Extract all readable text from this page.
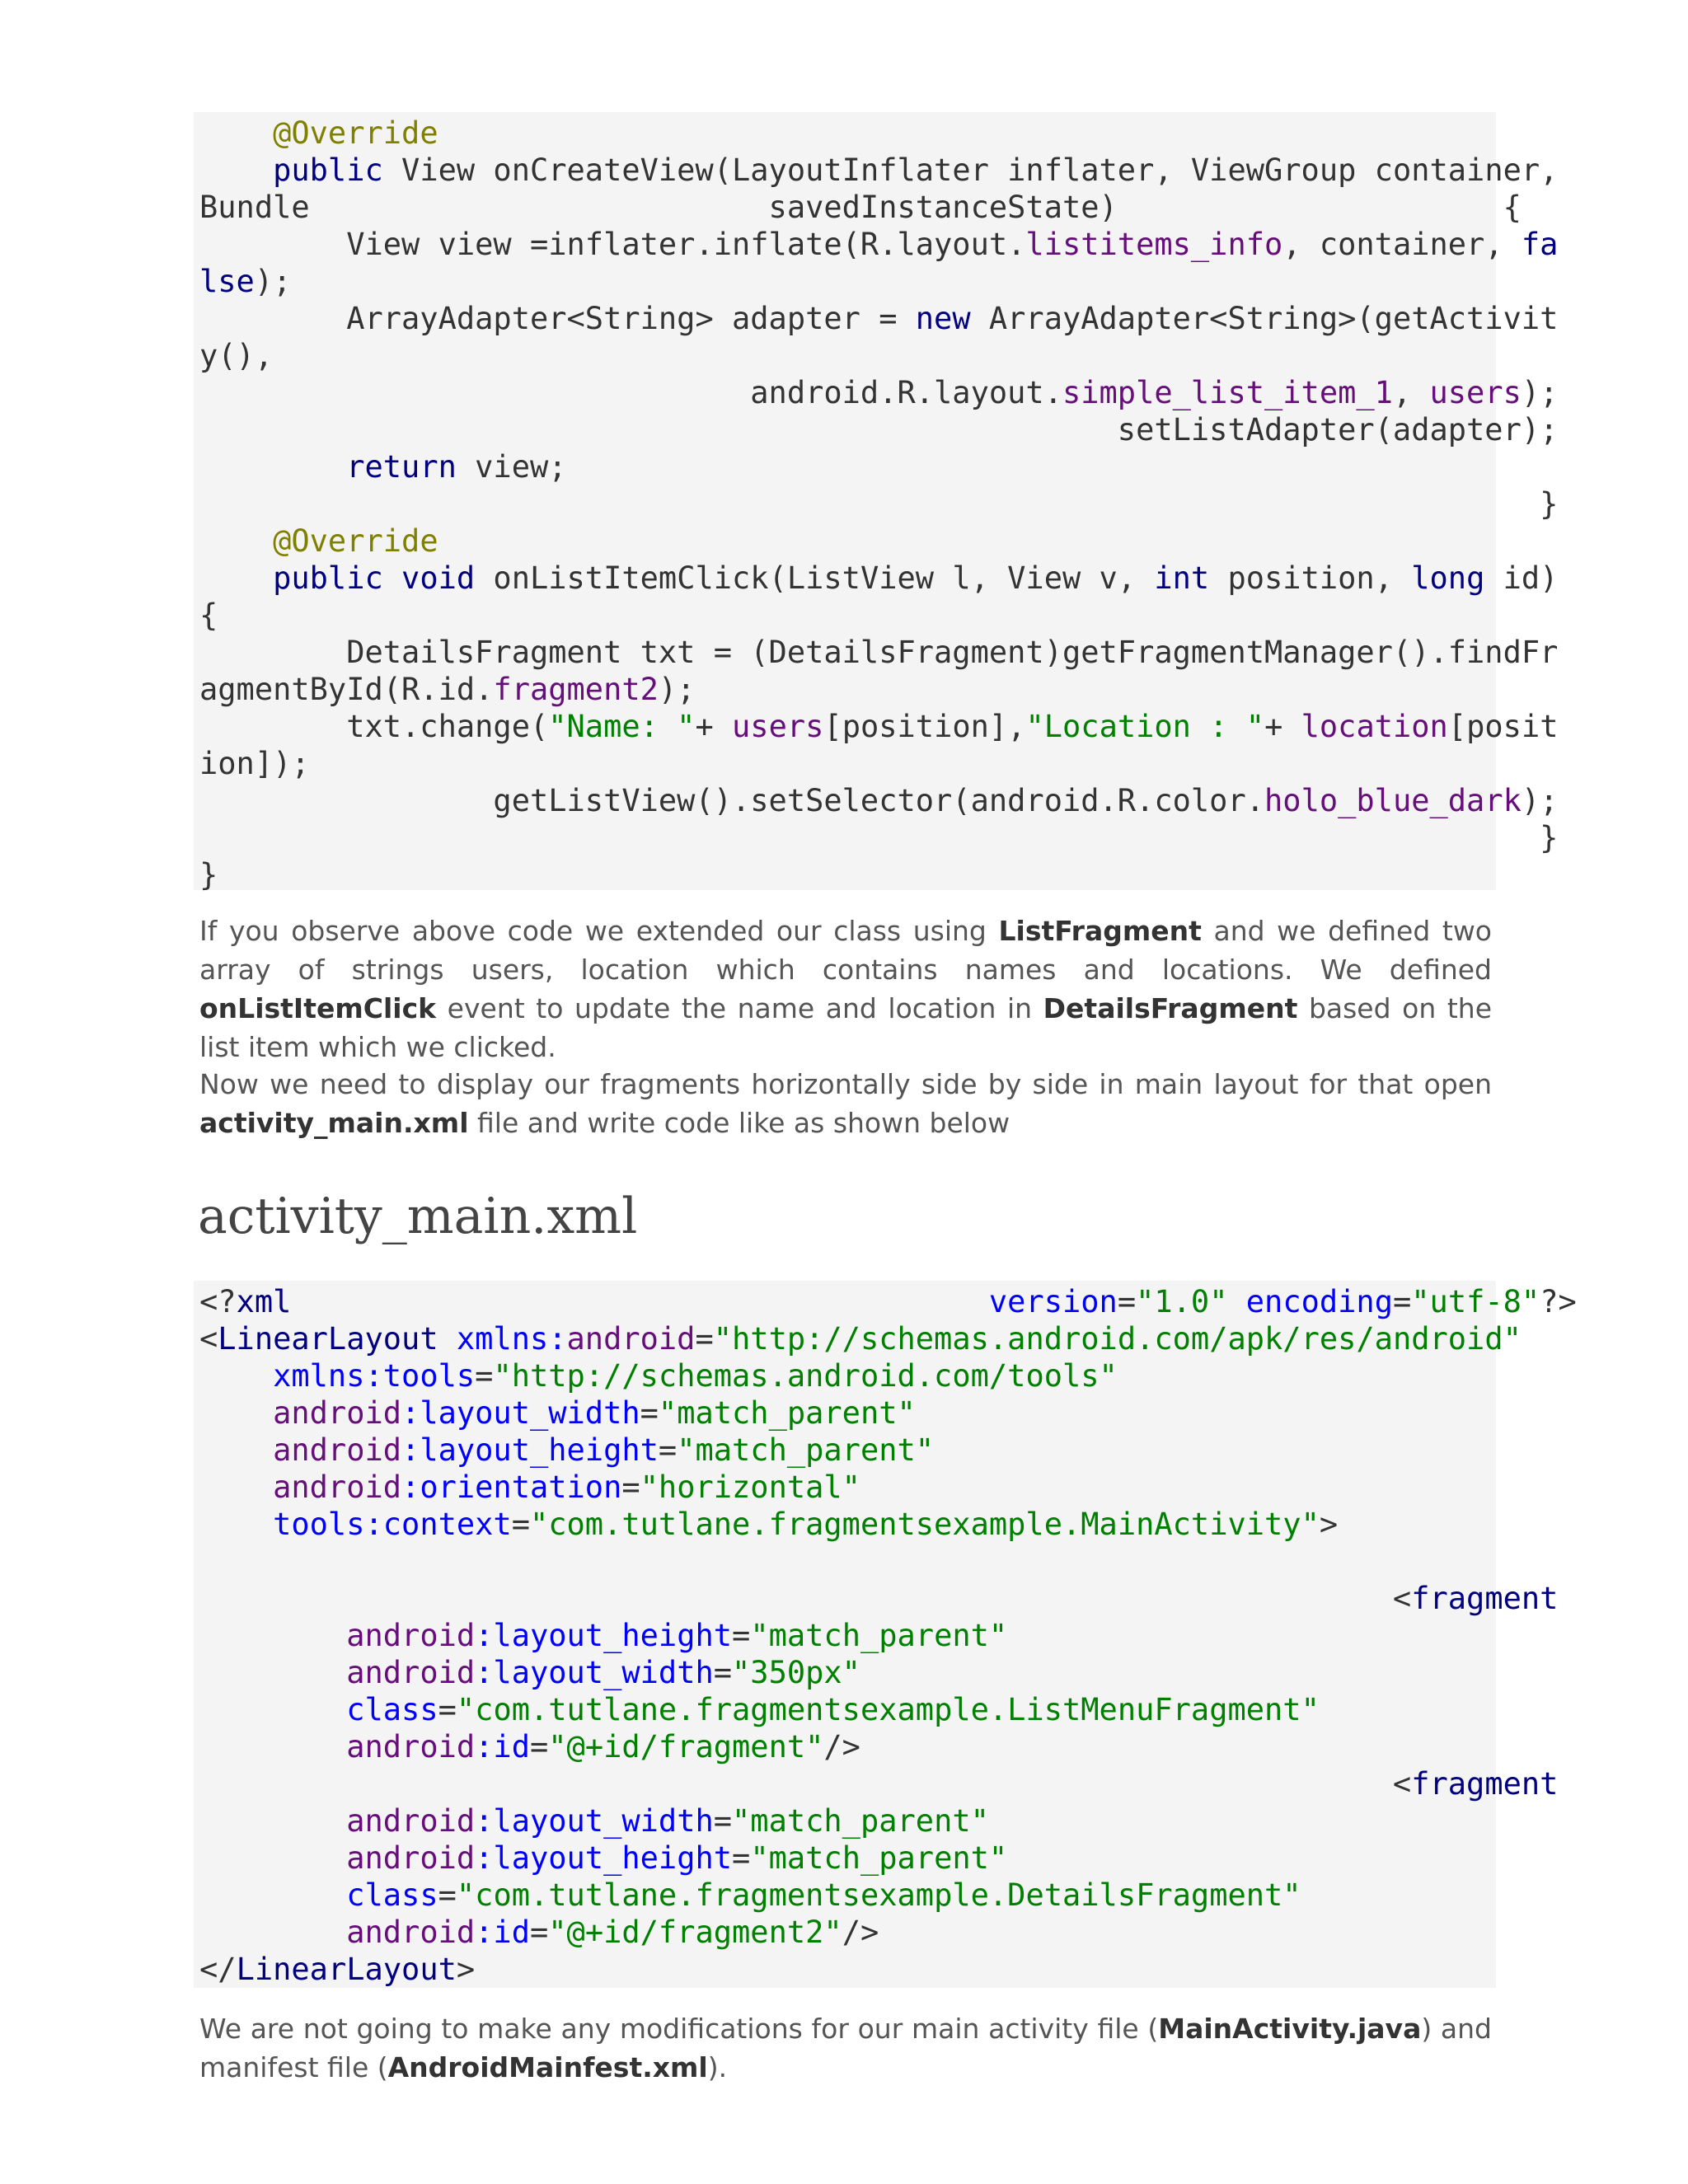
@Override
public View onCreateView(LayoutInflater inflater, ViewGroup container,
Bundle                         savedInstanceState)                     {
View view =inflater.inflate(R.layout.listitems_info, container, fa
lse);
ArrayAdapter<String> adapter = new ArrayAdapter<String>(getActivit
y(),
android.R.layout.simple_list_item_1, users);
setListAdapter(adapter);
return view;
}
@Override
public void onListItemClick(ListView l, View v, int position, long id)
{
DetailsFragment txt = (DetailsFragment)getFragmentManager().findFr
agmentById(R.id.fragment2);
txt.change("Name: "+ users[position],"Location : "+ location[posit
ion]);
getListView().setSelector(android.R.color.holo_blue_dark);
}
}

If you observe above code we extended our class using ListFragment and we defined two array of strings users, location which contains names and locations. We defined onListItemClick event to update the name and location in DetailsFragment based on the list item which we clicked.

Now we need to display our fragments horizontally side by side in main layout for that open activity_main.xml file and write code like as shown below

activity_main.xml
<?xml	version="1.0" encoding="utf-8"?>
<LinearLayout xmlns:android="http://schemas.android.com/apk/res/android"
xmlns:tools="http://schemas.android.com/tools"
android:layout_width="match_parent"
android:layout_height="match_parent"
android:orientation="horizontal"
tools:context="com.tutlane.fragmentsexample.MainActivity">

<fragment
android:layout_height="match_parent"
android:layout_width="350px"
class="com.tutlane.fragmentsexample.ListMenuFragment"
android:id="@+id/fragment"/>
<fragment
android:layout_width="match_parent"
android:layout_height="match_parent"
class="com.tutlane.fragmentsexample.DetailsFragment"
android:id="@+id/fragment2"/>
</LinearLayout>

We are not going to make any modifications for our main activity file (MainActivity.java) and manifest file (AndroidMainfest.xml).
